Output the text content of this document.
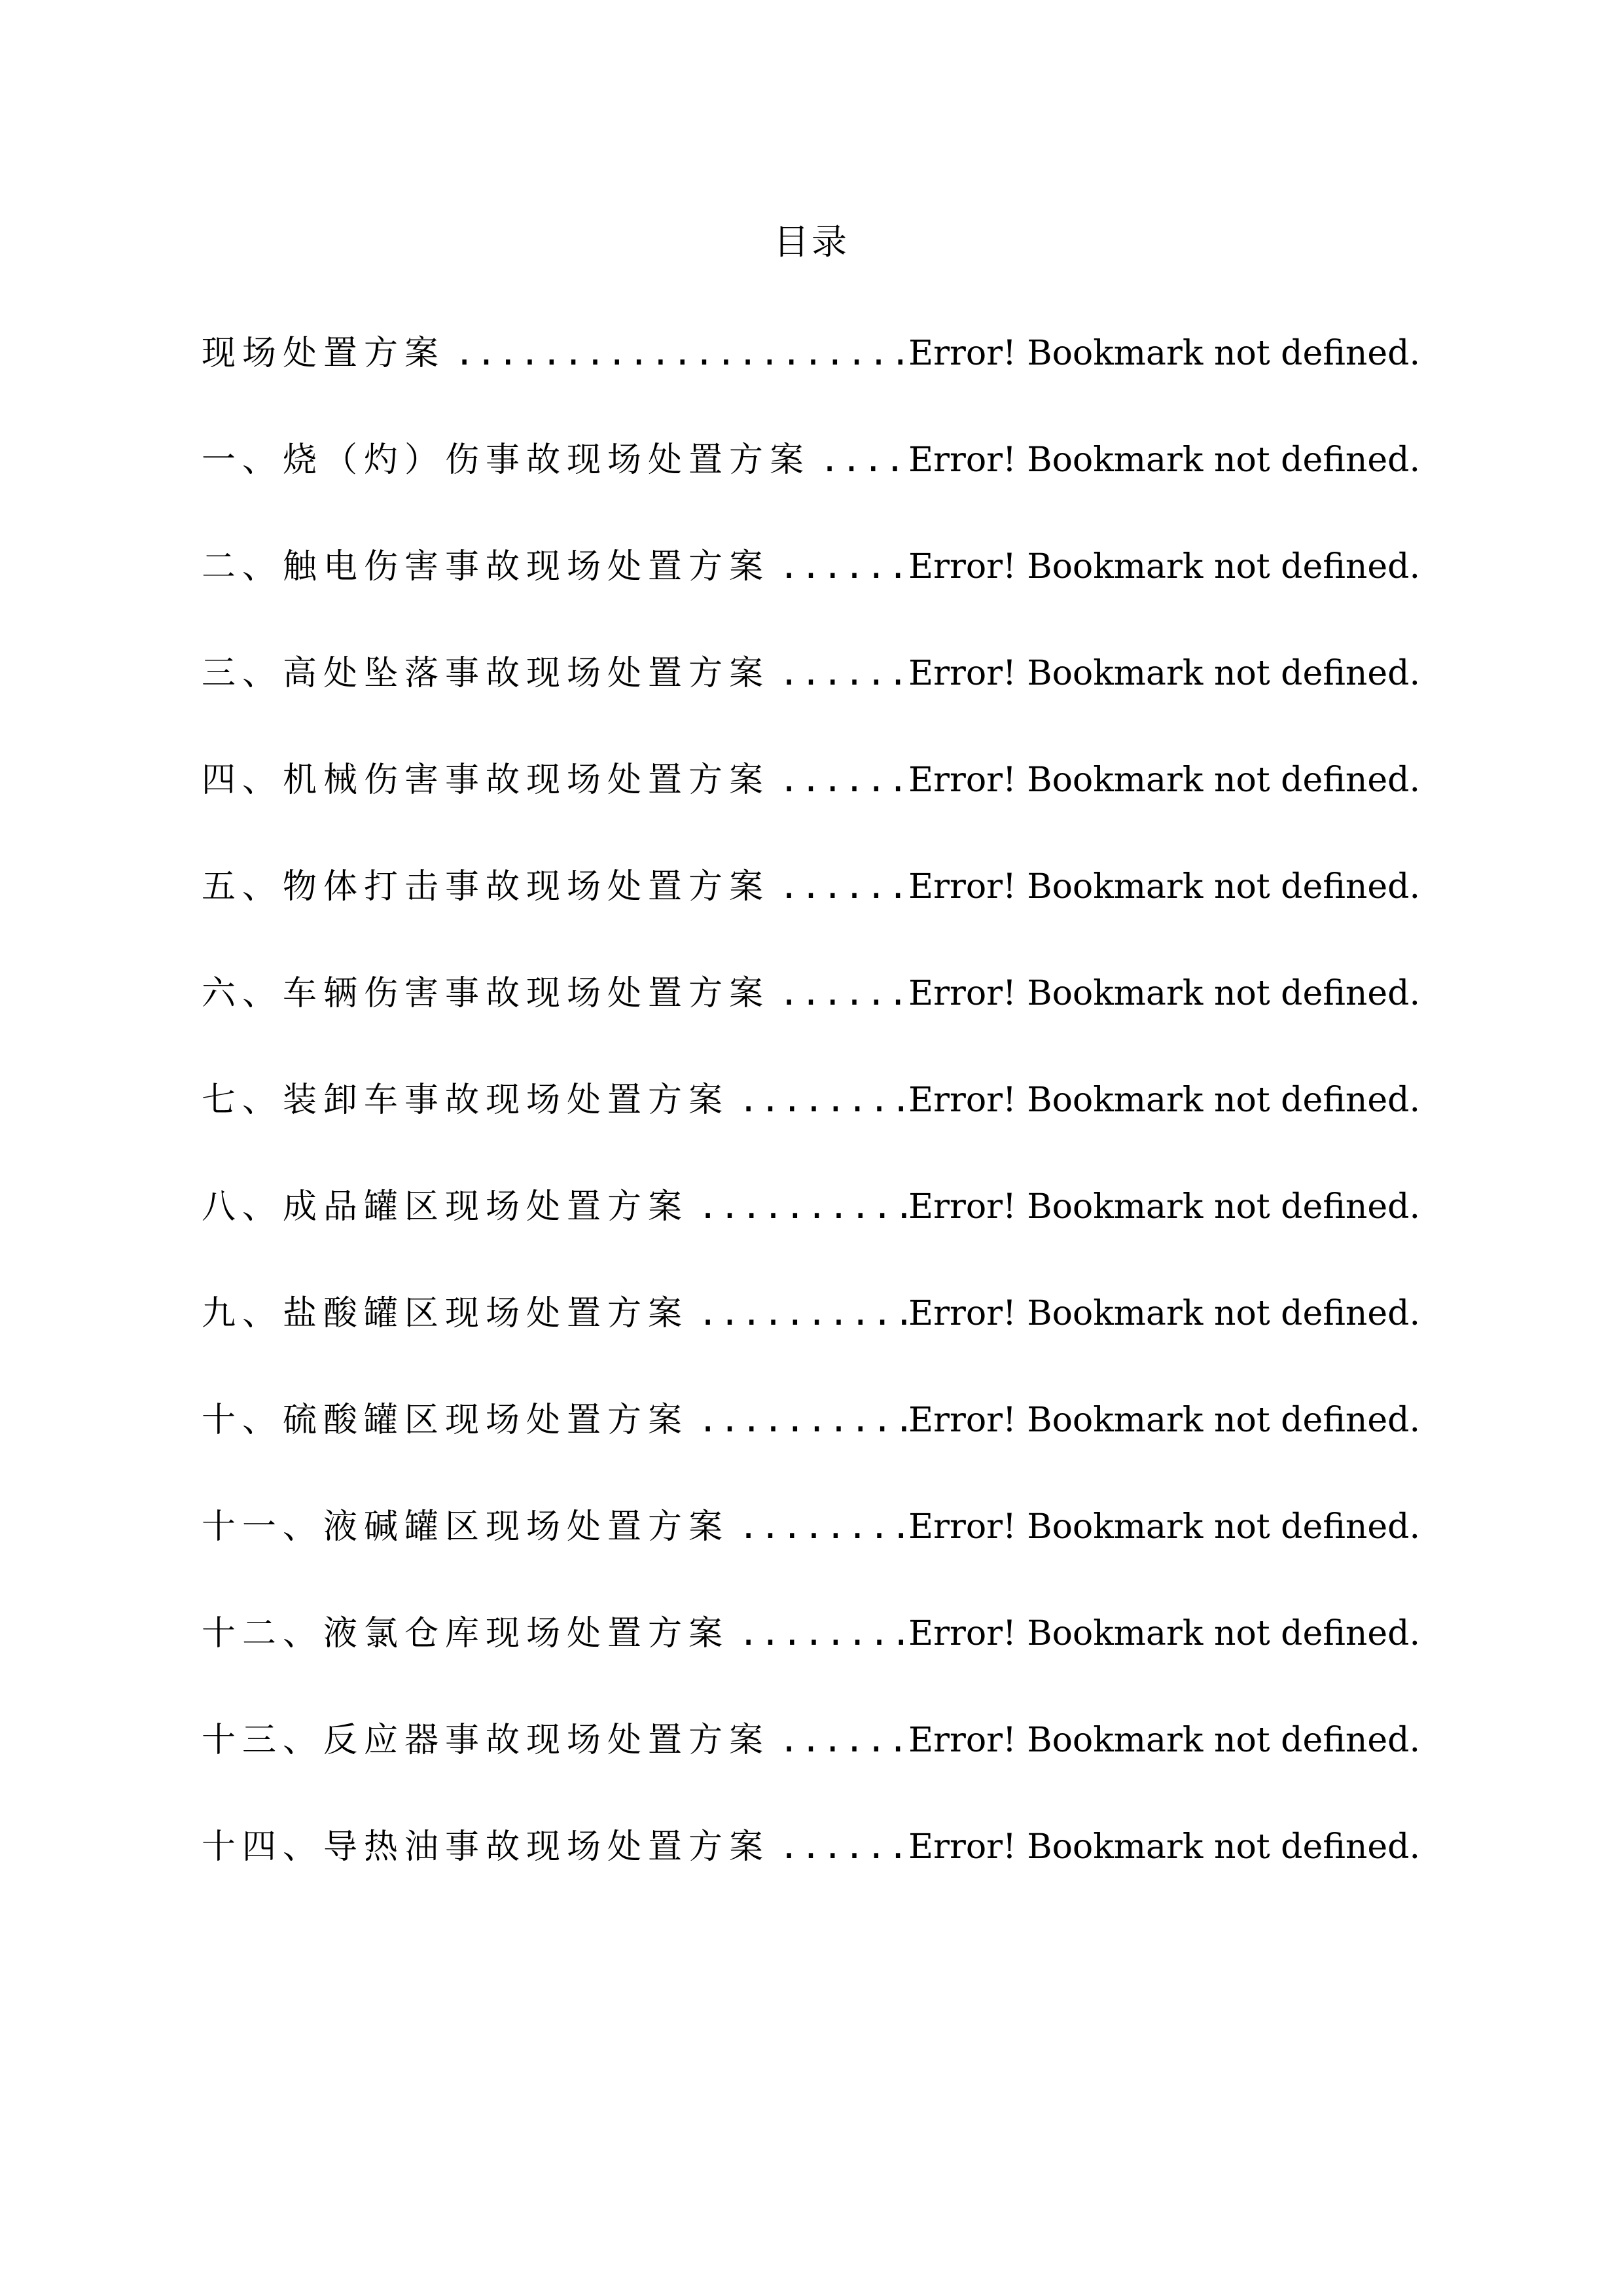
目录
现场处置方案 .....	Error! Bookmark not defined.
一、烧（灼）伤事故现场处置方案 .....	Error! Bookmark not defined.
二、触电伤害事故现场处置方案 .....	Error! Bookmark not defined.
三、高处坠落事故现场处置方案 .....	Error! Bookmark not defined.
四、机械伤害事故现场处置方案 .....	Error! Bookmark not defined.
五、物体打击事故现场处置方案 .....	Error! Bookmark not defined.
六、车辆伤害事故现场处置方案 .....	Error! Bookmark not defined.
七、装卸车事故现场处置方案 .....	Error! Bookmark not defined.
八、成品罐区现场处置方案 .....	Error! Bookmark not defined.
九、盐酸罐区现场处置方案 .....	Error! Bookmark not defined.
十、硫酸罐区现场处置方案 .....	Error! Bookmark not defined.
十一、液碱罐区现场处置方案 .....	Error! Bookmark not defined.
十二、液氯仓库现场处置方案 .....	Error! Bookmark not defined.
十三、反应器事故现场处置方案 .....	Error! Bookmark not defined.
十四、导热油事故现场处置方案 .....	Error! Bookmark not defined.
